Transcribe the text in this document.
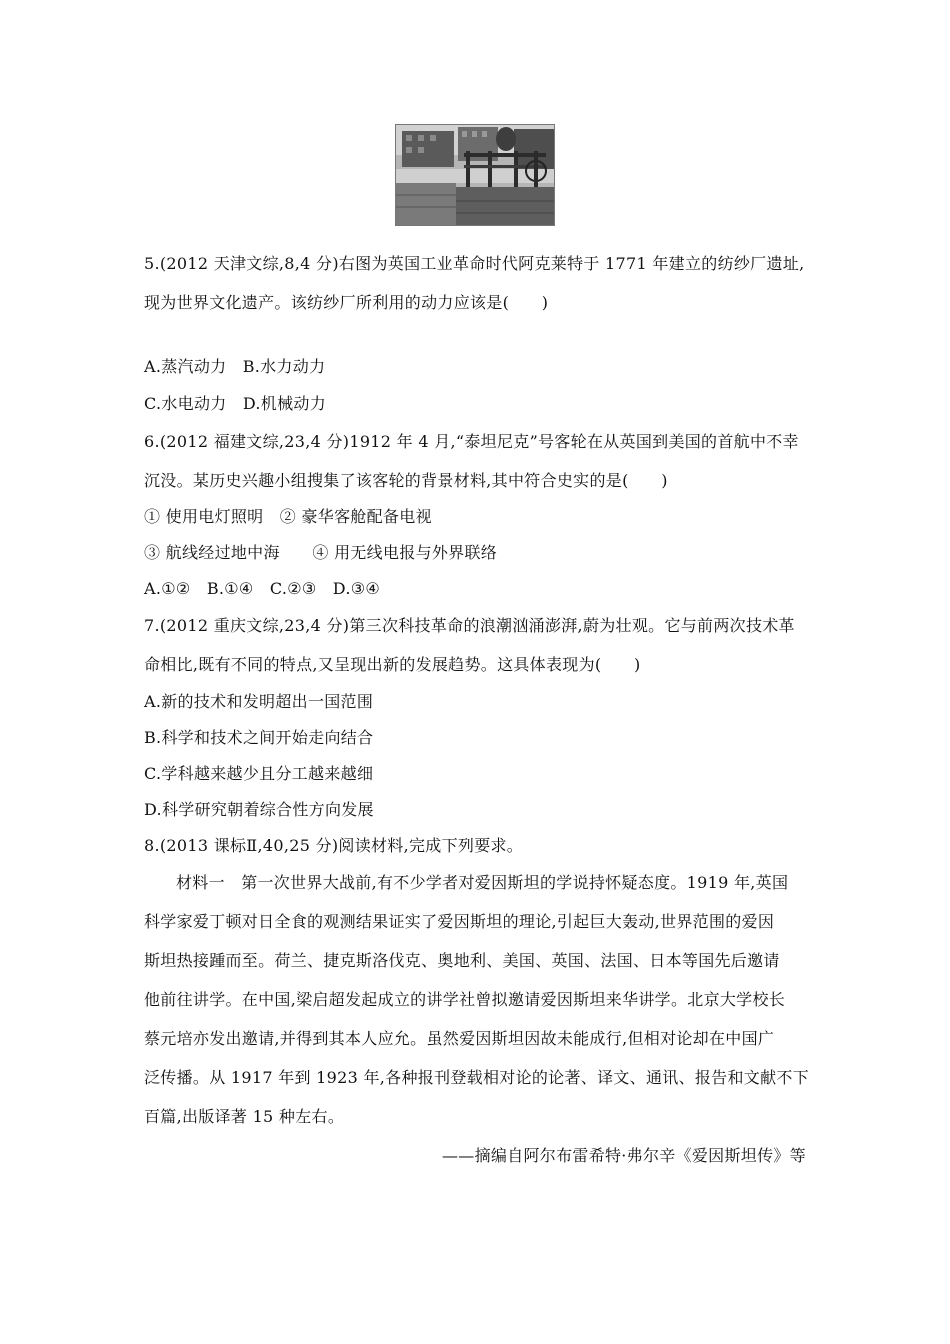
5.(2012 天津文综,8,4 分)右图为英国工业革命时代阿克莱特于 1771 年建立的纺纱厂遗址,
现为世界文化遗产。该纺纱厂所利用的动力应该是(　　)
A.蒸汽动力　B.水力动力
C.水电动力　D.机械动力
6.(2012 福建文综,23,4 分)1912 年 4 月,“泰坦尼克”号客轮在从英国到美国的首航中不幸
沉没。某历史兴趣小组搜集了该客轮的背景材料,其中符合史实的是(　　)
① 使用电灯照明　② 豪华客舱配备电视
③ 航线经过地中海　　④ 用无线电报与外界联络
A.①②　B.①④　C.②③　D.③④
7.(2012 重庆文综,23,4 分)第三次科技革命的浪潮汹涌澎湃,蔚为壮观。它与前两次技术革
命相比,既有不同的特点,又呈现出新的发展趋势。这具体表现为(　　)
A.新的技术和发明超出一国范围
B.科学和技术之间开始走向结合
C.学科越来越少且分工越来越细
D.科学研究朝着综合性方向发展
8.(2013 课标Ⅱ,40,25 分)阅读材料,完成下列要求。
材料一　第一次世界大战前,有不少学者对爱因斯坦的学说持怀疑态度。1919 年,英国
科学家爱丁顿对日全食的观测结果证实了爱因斯坦的理论,引起巨大轰动,世界范围的爱因
斯坦热接踵而至。荷兰、捷克斯洛伐克、奥地利、美国、英国、法国、日本等国先后邀请
他前往讲学。在中国,梁启超发起成立的讲学社曾拟邀请爱因斯坦来华讲学。北京大学校长
蔡元培亦发出邀请,并得到其本人应允。虽然爱因斯坦因故未能成行,但相对论却在中国广
泛传播。从 1917 年到 1923 年,各种报刊登载相对论的论著、译文、通讯、报告和文献不下
百篇,出版译著 15 种左右。
——摘编自阿尔布雷希特·弗尔辛《爱因斯坦传》等
